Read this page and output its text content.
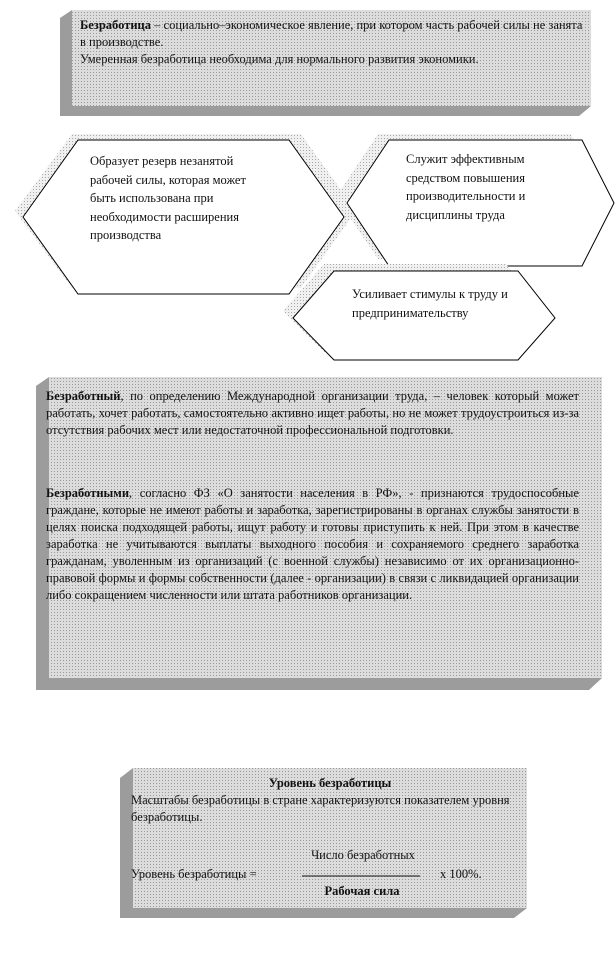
Безработица – социально–экономическое явление, при котором часть рабочей силы не занята в производстве.
Умеренная безработица необходима для нормального развития экономики.
Образует резерв незанятой рабочей силы, которая может быть использована при необходимости расширения производства
Служит эффективным средством повышения производительности и дисциплины труда
Усиливает стимулы к труду и предпринимательству
Безработный, по определению Международной организации труда, – человек который может работать, хочет работать, самостоятельно активно ищет работы, но не может трудоустроиться из-за отсутствия рабочих мест или недостаточной профессиональной подготовки.
Безработными, согласно ФЗ «О занятости населения в РФ», - признаются трудоспособные граждане, которые не имеют работы и заработка, зарегистрированы в органах службы занятости в целях поиска подходящей работы, ищут работу и готовы приступить к ней. При этом в качестве заработка не учитываются выплаты выходного пособия и сохраняемого среднего заработка гражданам, уволенным из организаций (с военной службы) независимо от их организационно-правовой формы и формы собственности (далее - организации) в связи с ликвидацией организации либо сокращением численности или штата работников организации.
Уровень безработицы
Масштабы безработицы в стране характеризуются показателем уровня безработицы.
Число безработных
Уровень безработицы =	x 100%.
Рабочая сила
